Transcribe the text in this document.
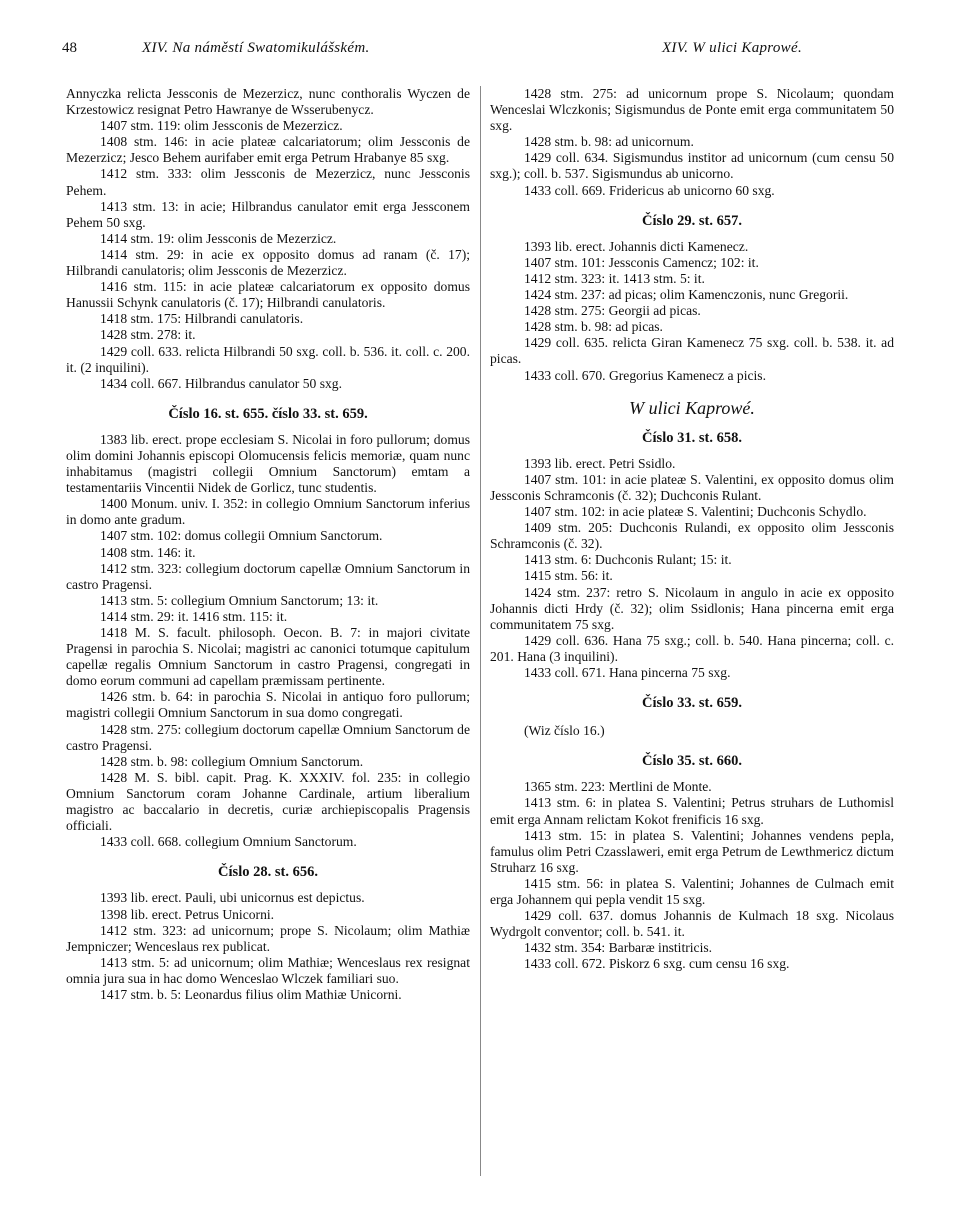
48	XIV. Na náměstí Swatomikulášském.	XIV. W ulici Kaprowé.

Annyczka relicta Jessconis de Mezerzicz, nunc conthoralis Wyczen de Krzestowicz resignat Petro Hawranye de Wsserubenycz.

1407 stm. 119: olim Jessconis de Mezerzicz.

1408 stm. 146: in acie plateæ calcariatorum; olim Jessconis de Mezerzicz; Jesco Behem aurifaber emit erga Petrum Hrabanye 85 sxg.

1412 stm. 333: olim Jessconis de Mezerzicz, nunc Jessconis Pehem.

1413 stm. 13: in acie; Hilbrandus canulator emit erga Jessconem Pehem 50 sxg.

1414 stm. 19: olim Jessconis de Mezerzicz.

1414 stm. 29: in acie ex opposito domus ad ranam (č. 17); Hilbrandi canulatoris; olim Jessconis de Mezerzicz.

1416 stm. 115: in acie plateæ calcariatorum ex opposito domus Hanussii Schynk canulatoris (č. 17); Hilbrandi canulatoris.

1418 stm. 175: Hilbrandi canulatoris.

1428 stm. 278: it.

1429 coll. 633. relicta Hilbrandi 50 sxg. coll. b. 536. it. coll. c. 200. it. (2 inquilini).

1434 coll. 667. Hilbrandus canulator 50 sxg.

Číslo 16. st. 655. číslo 33. st. 659.

1383 lib. erect. prope ecclesiam S. Nicolai in foro pullorum; domus olim domini Johannis episcopi Olomucensis felicis memoriæ, quam nunc inhabitamus (magistri collegii Omnium Sanctorum) emtam a testamentariis Vincentii Nidek de Gorlicz, tunc studentis.

1400 Monum. univ. I. 352: in collegio Omnium Sanctorum inferius in domo ante gradum.

1407 stm. 102: domus collegii Omnium Sanctorum.

1408 stm. 146: it.

1412 stm. 323: collegium doctorum capellæ Omnium Sanctorum in castro Pragensi.

1413 stm. 5: collegium Omnium Sanctorum; 13: it.

1414 stm. 29: it. 1416 stm. 115: it.

1418 M. S. facult. philosoph. Oecon. B. 7: in majori civitate Pragensi in parochia S. Nicolai; magistri ac canonici totumque capitulum capellæ regalis Omnium Sanctorum in castro Pragensi, congregati in domo eorum communi ad capellam præmissam pertinente.

1426 stm. b. 64: in parochia S. Nicolai in antiquo foro pullorum; magistri collegii Omnium Sanctorum in sua domo congregati.

1428 stm. 275: collegium doctorum capellæ Omnium Sanctorum de castro Pragensi.

1428 stm. b. 98: collegium Omnium Sanctorum.

1428 M. S. bibl. capit. Prag. K. XXXIV. fol. 235: in collegio Omnium Sanctorum coram Johanne Cardinale, artium liberalium magistro ac baccalario in decretis, curiæ archiepiscopalis Pragensis officiali.

1433 coll. 668. collegium Omnium Sanctorum.

Číslo 28. st. 656.

1393 lib. erect. Pauli, ubi unicornus est depictus.

1398 lib. erect. Petrus Unicorni.

1412 stm. 323: ad unicornum; prope S. Nicolaum; olim Mathiæ Jempniczer; Wenceslaus rex publicat.

1413 stm. 5: ad unicornum; olim Mathiæ; Wenceslaus rex resignat omnia jura sua in hac domo Wenceslao Wlczek familiari suo.

1417 stm. b. 5: Leonardus filius olim Mathiæ Unicorni.

1428 stm. 275: ad unicornum prope S. Nicolaum; quondam Wenceslai Wlczkonis; Sigismundus de Ponte emit erga communitatem 50 sxg.

1428 stm. b. 98: ad unicornum.

1429 coll. 634. Sigismundus institor ad unicornum (cum censu 50 sxg.); coll. b. 537. Sigismundus ab unicorno.

1433 coll. 669. Fridericus ab unicorno 60 sxg.

Číslo 29. st. 657.

1393 lib. erect. Johannis dicti Kamenecz.

1407 stm. 101: Jessconis Camencz; 102: it.

1412 stm. 323: it. 1413 stm. 5: it.

1424 stm. 237: ad picas; olim Kamenczonis, nunc Gregorii.

1428 stm. 275: Georgii ad picas.

1428 stm. b. 98: ad picas.

1429 coll. 635. relicta Giran Kamenecz 75 sxg. coll. b. 538. it. ad picas.

1433 coll. 670. Gregorius Kamenecz a picis.

W ulici Kaprowé.
Číslo 31. st. 658.

1393 lib. erect. Petri Ssidlo.

1407 stm. 101: in acie plateæ S. Valentini, ex opposito domus olim Jessconis Schramconis (č. 32); Duchconis Rulant.

1407 stm. 102: in acie plateæ S. Valentini; Duchconis Schydlo.

1409 stm. 205: Duchconis Rulandi, ex opposito olim Jessconis Schramconis (č. 32).

1413 stm. 6: Duchconis Rulant; 15: it.

1415 stm. 56: it.

1424 stm. 237: retro S. Nicolaum in angulo in acie ex opposito Johannis dicti Hrdy (č. 32); olim Ssidlonis; Hana pincerna emit erga communitatem 75 sxg.

1429 coll. 636. Hana 75 sxg.; coll. b. 540. Hana pincerna; coll. c. 201. Hana (3 inquilini).

1433 coll. 671. Hana pincerna 75 sxg.

Číslo 33. st. 659.

(Wiz číslo 16.)

Číslo 35. st. 660.

1365 stm. 223: Mertlini de Monte.

1413 stm. 6: in platea S. Valentini; Petrus struhars de Luthomisl emit erga Annam relictam Kokot frenificis 16 sxg.

1413 stm. 15: in platea S. Valentini; Johannes vendens pepla, famulus olim Petri Czasslaweri, emit erga Petrum de Lewthmericz dictum Struharz 16 sxg.

1415 stm. 56: in platea S. Valentini; Johannes de Culmach emit erga Johannem qui pepla vendit 15 sxg.

1429 coll. 637. domus Johannis de Kulmach 18 sxg. Nicolaus Wydrgolt conventor; coll. b. 541. it.

1432 stm. 354: Barbaræ institricis.

1433 coll. 672. Piskorz 6 sxg. cum censu 16 sxg.
